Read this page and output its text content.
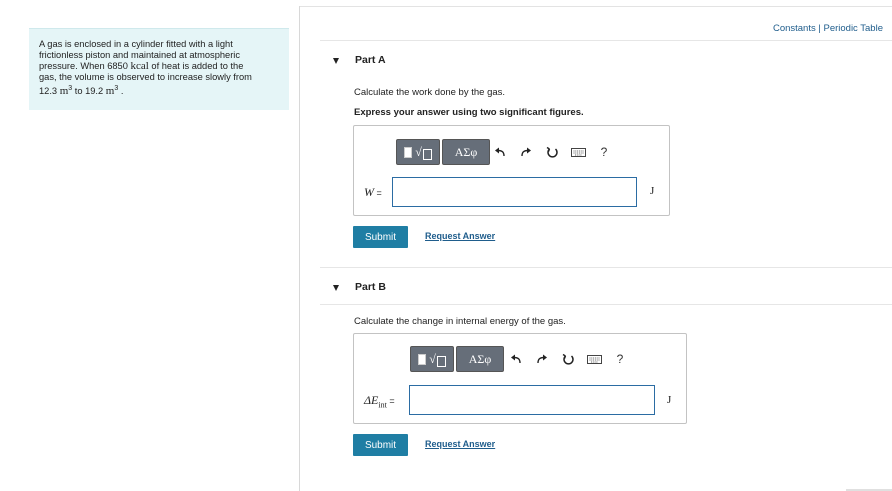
Constants | Periodic Table
A gas is enclosed in a cylinder fitted with a light
frictionless piston and maintained at atmospheric
pressure. When 6850 kcal of heat is added to the
gas, the volume is observed to increase slowly from
12.3 $m^3$ to 19.2 $m^3$ .
Part A
Calculate the work done by the gas.
Express your answer using two significant figures.
√	ΑΣφ	?
W =	J
Submit	Request Answer
Part B
Calculate the change in internal energy of the gas.
√	ΑΣφ	?
$\Delta E_{int}$ =	J
Submit	Request Answer
